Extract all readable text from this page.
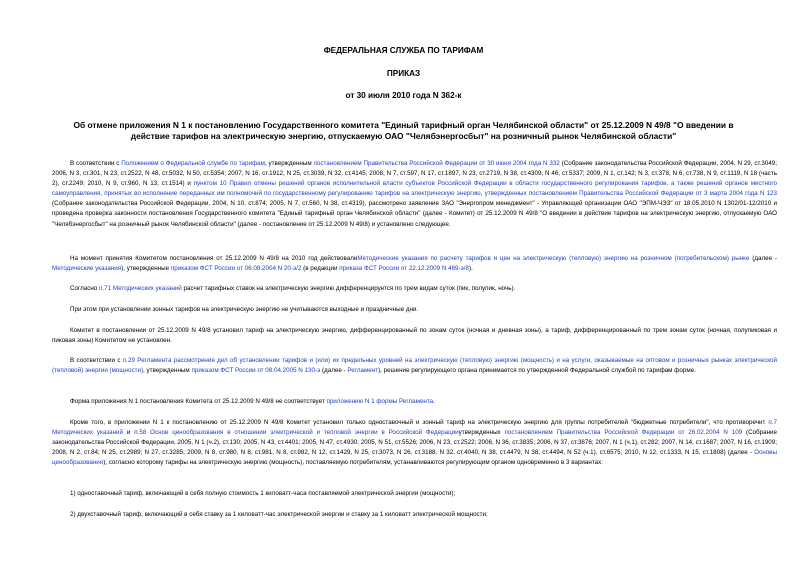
ФЕДЕРАЛЬНАЯ СЛУЖБА ПО ТАРИФАМ
ПРИКАЗ
от 30 июля 2010 года N 362-к
Об отмене приложения N 1 к постановлению Государственного комитета "Единый тарифный орган Челябинской области" от 25.12.2009 N 49/8 "О введении в действие тарифов на электрическую энергию, отпускаемую ОАО "Челябэнергосбыт" на розничный рынок Челябинской области"
В соответствии с Положением о Федеральной службе по тарифам, утвержденным постановлением Правительства Российской Федерации от 30 июня 2004 года N 332 (Собрание законодательства Российской Федерации, 2004, N 29, ст.3049; 2006, N 3, ст.301, N 23, ст.2522, N 48, ст.5032, N 50, ст.5354; 2007, N 16, ст.1912, N 25, ст.3039, N 32, ст.4145; 2008, N 7, ст.597, N 17, ст.1897, N 23, ст.2719, N 38, ст.4309, N 46, ст.5337; 2009, N 1, ст.142; N 3, ст.378, N 6, ст.738, N 9, ст.1119, N 18 (часть 2), ст.2249; 2010, N 9, ст.960, N 13, ст.1514) и пунктом 10 Правил отмены решений органов исполнительной власти субъектов Российской Федерации в области государственного регулирования тарифов, а также решений органов местного самоуправления, принятых во исполнение переданных им полномочий по государственному регулированию тарифов на электрическую энергию, утвержденных постановлением Правительства Российской Федерации от 3 марта 2004 года N 123 (Собрание законодательства Российской Федерации, 2004, N 10, ст.874; 2005, N 7, ст.560, N 38, ст.4319), рассмотрено заявление ЗАО "Энергопром менеджмент" - Управляющей организации ОАО "ЭПМ-ЧЭЗ" от 18.05.2010 N 1302/01-12/2010 и проведена проверка законности постановления Государственного комитета "Единый тарифный орган Челябинской области" (далее - Комитет) от 25.12.2009 N 49/8 "О введении в действие тарифов на электрическую энергию, отпускаемую ОАО "Челябэнергосбыт" на розничный рынок Челябинской области" (далее - постановление от 25.12.2009 N 49/8) и установлено следующее.
На момент принятия Комитетом постановления от 25.12.2009 N 49/8 на 2010 год действовалиМетодические указания по расчету тарифов и цен на электрическую (тепловую) энергию на розничном (потребительском) рынке (далее - Методические указания), утвержденные приказом ФСТ России от 06.08.2004 N 20-э/2 (в редакции приказа ФСТ России от 22.12.2009 N 469-э/8).
Согласно п.71 Методических указаний расчет тарифных ставок на электрическую энергию дифференцируется по трем видам суток (пик, полупик, ночь).
При этом при установлении зонных тарифов на электрическую энергию не учитываются выходные и праздничные дни.
Комитет в постановлении от 25.12.2009 N 49/8 установил тариф на электрическую энергию, дифференцированный по зонам суток (ночная и дневная зоны), а тариф, дифференцированный по трем зонам суток (ночная, полупиковая и пиковая зоны) Комитетом не установлен.
В соответствии с п.29 Регламента рассмотрения дел об установлении тарифов и (или) их предельных уровней на электрическую (тепловую) энергию (мощность) и на услуги, оказываемые на оптовом и розничных рынках электрической (тепловой) энергии (мощности), утвержденным приказом ФСТ России от 08.04.2005 N 130-э (далее - Регламент), решение регулирующего органа принимается по утвержденной Федеральной службой по тарифам форме.
Форма приложения N 1 постановления Комитета от 25.12.2009 N 49/8 не соответствует приложению N 1 формы Регламента.
Кроме того, в приложении N 1 к постановлению от 25.12.2009 N 49/8 Комитет установил только одноставочный и зонный тариф на электрическую энергию для группы потребителей "бюджетные потребители", что противоречит п.7 Методических указаний и п.58 Основ ценообразования в отношении электрической и тепловой энергии в Российской Федерацииутвержденных постановлением Правительства Российской Федерации от 26.02.2004 N 109 (Собрание законодательства Российской Федерации, 2005, N 1 (ч.2), ст.130; 2005, N 43, ст.4401; 2005, N 47, ст.4930; 2005, N 51, ст.5526; 2006, N 23, ст.2522; 2006, N 36, ст.3835; 2006, N 37, ст.3876; 2007, N 1 (ч.1), ст.282; 2007, N 14, ст.1687; 2007, N 16, ст.1909; 2008, N 2, ст.84; N 25, ст.2989; N 27, ст.3285; 2009, N 8, ст.980, N 8, ст.981, N 8, ст.982, N 12, ст.1429, N 25, ст.3073, N 26, ст.3188, N 32, ст.4040, N 38, ст.4479, N 38, ст.4494, N 52 (ч.1), ст.6575; 2010, N 12, ст.1333, N 15, ст.1808) (далее - Основы ценообразования), согласно которому тарифы на электрическую энергию (мощность), поставляемую потребителям, устанавливаются регулирующим органом одновременно в 3 вариантах:
1) одноставочный тариф, включающий в себя полную стоимость 1 киловатт-часа поставляемой электрической энергии (мощности);
2) двухставочный тариф, включающий в себя ставку за 1 киловатт-час электрической энергии и ставку за 1 киловатт электрической мощности;
